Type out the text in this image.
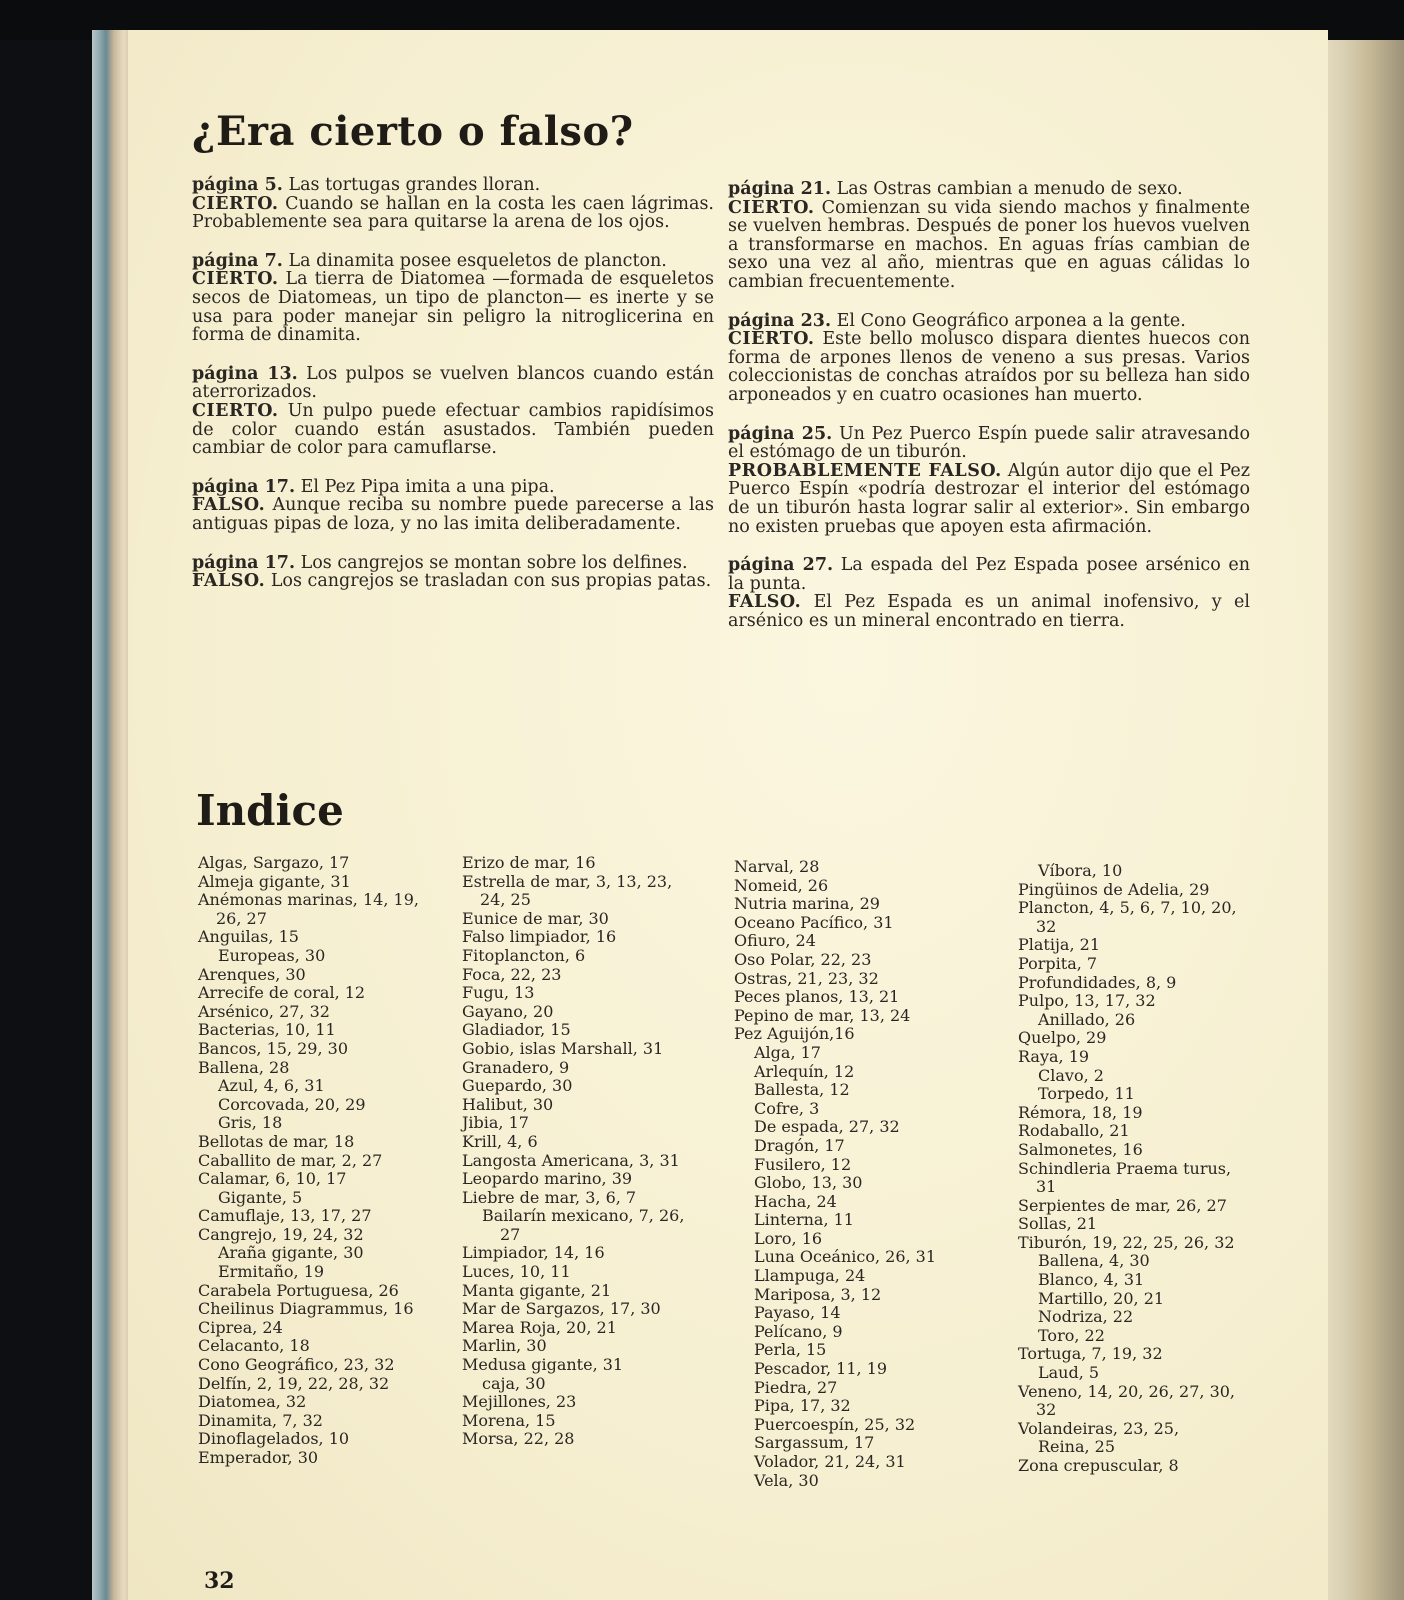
¿Era cierto o falso?

página 5. Las tortugas grandes lloran.

CIERTO. Cuando se hallan en la costa les caen lágrimas. Probablemente sea para quitarse la arena de los ojos.

página 7. La dinamita posee esqueletos de plancton.

CIERTO. La tierra de Diatomea —formada de esqueletos secos de Diatomeas, un tipo de plancton— es inerte y se usa para poder manejar sin peligro la nitroglicerina en forma de dinamita.

página 13. Los pulpos se vuelven blancos cuando están aterrorizados.

CIERTO. Un pulpo puede efectuar cambios rapidísimos de color cuando están asustados. También pueden cambiar de color para camuflarse.

página 17. El Pez Pipa imita a una pipa.

FALSO. Aunque reciba su nombre puede parecerse a las antiguas pipas de loza, y no las imita deliberadamente.

página 17. Los cangrejos se montan sobre los delfines.

FALSO. Los cangrejos se trasladan con sus propias patas.

página 21. Las Ostras cambian a menudo de sexo.

CIERTO. Comienzan su vida siendo machos y finalmente se vuelven hembras. Después de poner los huevos vuelven a transformarse en machos. En aguas frías cambian de sexo una vez al año, mientras que en aguas cálidas lo cambian frecuentemente.

página 23. El Cono Geográfico arponea a la gente.

CIERTO. Este bello molusco dispara dientes huecos con forma de arpones llenos de veneno a sus presas. Varios coleccionistas de conchas atraídos por su belleza han sido arponeados y en cuatro ocasiones han muerto.

página 25. Un Pez Puerco Espín puede salir atravesando el estómago de un tiburón.

PROBABLEMENTE FALSO. Algún autor dijo que el Pez Puerco Espín «podría destrozar el interior del estómago de un tiburón hasta lograr salir al exterior». Sin embargo no existen pruebas que apoyen esta afirmación.

página 27. La espada del Pez Espada posee arsénico en la punta.

FALSO. El Pez Espada es un animal inofensivo, y el arsénico es un mineral encontrado en tierra.

Indice
Algas, Sargazo, 17
Almeja gigante, 31
Anémonas marinas, 14, 19, 26, 27
Anguilas, 15
Europeas, 30
Arenques, 30
Arrecife de coral, 12
Arsénico, 27, 32
Bacterias, 10, 11
Bancos, 15, 29, 30
Ballena, 28
Azul, 4, 6, 31
Corcovada, 20, 29
Gris, 18
Bellotas de mar, 18
Caballito de mar, 2, 27
Calamar, 6, 10, 17
Gigante, 5
Camuflaje, 13, 17, 27
Cangrejo, 19, 24, 32
Araña gigante, 30
Ermitaño, 19
Carabela Portuguesa, 26
Cheilinus Diagrammus, 16
Ciprea, 24
Celacanto, 18
Cono Geográfico, 23, 32
Delfín, 2, 19, 22, 28, 32
Diatomea, 32
Dinamita, 7, 32
Dinoflagelados, 10
Emperador, 30
Erizo de mar, 16
Estrella de mar, 3, 13, 23, 24, 25
Eunice de mar, 30
Falso limpiador, 16
Fitoplancton, 6
Foca, 22, 23
Fugu, 13
Gayano, 20
Gladiador, 15
Gobio, islas Marshall, 31
Granadero, 9
Guepardo, 30
Halibut, 30
Jibia, 17
Krill, 4, 6
Langosta Americana, 3, 31
Leopardo marino, 39
Liebre de mar, 3, 6, 7
Bailarín mexicano, 7, 26, 27
Limpiador, 14, 16
Luces, 10, 11
Manta gigante, 21
Mar de Sargazos, 17, 30
Marea Roja, 20, 21
Marlin, 30
Medusa gigante, 31
caja, 30
Mejillones, 23
Morena, 15
Morsa, 22, 28
Narval, 28
Nomeid, 26
Nutria marina, 29
Oceano Pacífico, 31
Ofiuro, 24
Oso Polar, 22, 23
Ostras, 21, 23, 32
Peces planos, 13, 21
Pepino de mar, 13, 24
Pez Aguijón,16
Alga, 17
Arlequín, 12
Ballesta, 12
Cofre, 3
De espada, 27, 32
Dragón, 17
Fusilero, 12
Globo, 13, 30
Hacha, 24
Linterna, 11
Loro, 16
Luna Oceánico, 26, 31
Llampuga, 24
Mariposa, 3, 12
Payaso, 14
Pelícano, 9
Perla, 15
Pescador, 11, 19
Piedra, 27
Pipa, 17, 32
Puercoespín, 25, 32
Sargassum, 17
Volador, 21, 24, 31
Vela, 30
Víbora, 10
Pingüinos de Adelia, 29
Plancton, 4, 5, 6, 7, 10, 20, 32
Platija, 21
Porpita, 7
Profundidades, 8, 9
Pulpo, 13, 17, 32
Anillado, 26
Quelpo, 29
Raya, 19
Clavo, 2
Torpedo, 11
Rémora, 18, 19
Rodaballo, 21
Salmonetes, 16
Schindleria Praema turus, 31
Serpientes de mar, 26, 27
Sollas, 21
Tiburón, 19, 22, 25, 26, 32
Ballena, 4, 30
Blanco, 4, 31
Martillo, 20, 21
Nodriza, 22
Toro, 22
Tortuga, 7, 19, 32
Laud, 5
Veneno, 14, 20, 26, 27, 30, 32
Volandeiras, 23, 25,
Reina, 25
Zona crepuscular, 8

32
